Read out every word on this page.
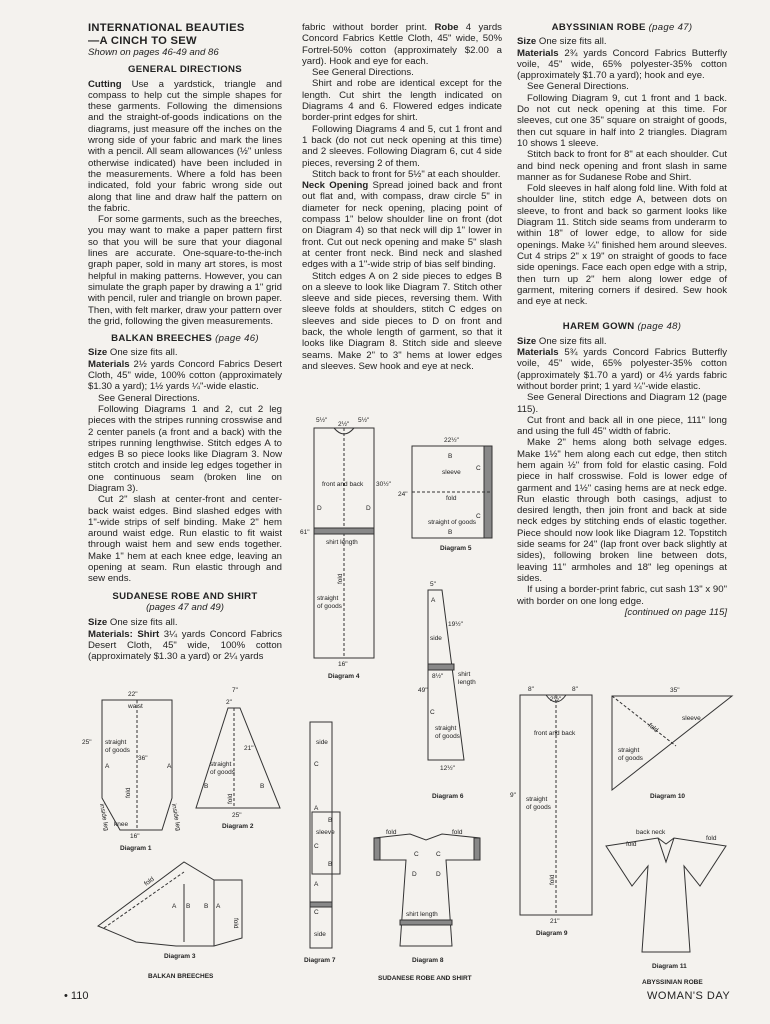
INTERNATIONAL BEAUTIES

—A CINCH TO SEW

Shown on pages 46-49 and 86

GENERAL DIRECTIONS

Cutting Use a yardstick, triangle and compass to help cut the simple shapes for these garments. Following the dimensions and the straight-of-goods indications on the diagrams, just measure off the inches on the wrong side of your fabric and mark the lines with a pencil. All seam allowances (½" unless otherwise indicated) have been included in the measurements. Where a fold has been indicated, fold your fabric wrong side out along that line and draw half the pattern on the fabric.

For some garments, such as the breeches, you may want to make a paper pattern first so that you will be sure that your diagonal lines are accurate. One-square-to-the-inch graph paper, sold in many art stores, is most helpful in making patterns. However, you can simulate the graph paper by drawing a 1" grid with pencil, ruler and triangle on brown paper. Then, with felt marker, draw your pattern over the grid, following the given measurements.

BALKAN BREECHES (page 46)

Size One size fits all.

Materials 2½ yards Concord Fabrics Desert Cloth, 45" wide, 100% cotton (approximately $1.30 a yard); 1½ yards ¼"-wide elastic.

See General Directions.

Following Diagrams 1 and 2, cut 2 leg pieces with the stripes running crosswise and 2 center panels (a front and a back) with the stripes running lengthwise. Stitch edges A to edges B so piece looks like Diagram 3. Now stitch crotch and inside leg edges together in one continuous seam (broken line on Diagram 3).

Cut 2" slash at center-front and center-back waist edges. Bind slashed edges with 1"-wide strips of self binding. Make 2" hem around waist edge. Run elastic to fit waist through waist hem and sew ends together. Make 1" hem at each knee edge, leaving an opening at seam. Run elastic through and sew ends.

SUDANESE ROBE AND SHIRT
(pages 47 and 49)

Size One size fits all.

Materials: Shirt 3¼ yards Concord Fabrics Desert Cloth, 45" wide, 100% cotton (approximately $1.30 a yard) or 2¼ yards

fabric without border print. Robe 4 yards Concord Fabrics Kettle Cloth, 45" wide, 50% Fortrel-50% cotton (approximately $2.00 a yard). Hook and eye for each.

See General Directions.

Shirt and robe are identical except for the length. Cut shirt the length indicated on Diagrams 4 and 6. Flowered edges indicate border-print edges for shirt.

Following Diagrams 4 and 5, cut 1 front and 1 back (do not cut neck opening at this time) and 2 sleeves. Following Diagram 6, cut 4 side pieces, reversing 2 of them.

Stitch back to front for 5½" at each shoulder.

Neck Opening Spread joined back and front out flat and, with compass, draw circle 5" in diameter for neck opening, placing point of compass 1" below shoulder line on front (dot on Diagram 4) so that neck will dip 1" lower in front. Cut out neck opening and make 5" slash at center front neck. Bind neck and slashed edges with a 1"-wide strip of bias self binding.

Stitch edges A on 2 side pieces to edges B on a sleeve to look like Diagram 7. Stitch other sleeve and side pieces, reversing them. With sleeve folds at shoulders, stitch C edges on sleeves and side pieces to D on front and back, the whole length of garment, so that it looks like Diagram 8. Stitch side and sleeve seams. Make 2" to 3" hems at lower edges and sleeves. Sew hook and eye at neck.

ABYSSINIAN ROBE (page 47)

Size One size fits all.

Materials 2¾ yards Concord Fabrics Butterfly voile, 45" wide, 65% polyester-35% cotton (approximately $1.70 a yard); hook and eye.

See General Directions.

Following Diagram 9, cut 1 front and 1 back. Do not cut neck opening at this time. For sleeves, cut one 35" square on straight of goods, then cut square in half into 2 triangles. Diagram 10 shows 1 sleeve.

Stitch back to front for 8" at each shoulder. Cut and bind neck opening and front slash in same manner as for Sudanese Robe and Shirt.

Fold sleeves in half along fold line. With fold at shoulder line, stitch edge A, between dots on sleeve, to front and back so garment looks like Diagram 11. Stitch side seams from underarm to within 18" of lower edge, to allow for side openings. Make ¼" finished hem around sleeves. Cut 4 strips 2" x 19" on straight of goods to face side openings. Face each open edge with a strip, then turn up 2" hem along lower edge of garment, mitering corners if desired. Sew hook and eye at neck.

HAREM GOWN (page 48)

Size One size fits all.

Materials 5¾ yards Concord Fabrics Butterfly voile, 45" wide, 65% polyester-35% cotton (approximately $1.70 a yard) or 4½ yards fabric without border print; 1 yard ¼"-wide elastic.

See General Directions and Diagram 12 (page 115).

Cut front and back all in one piece, 111" long and using the full 45" width of fabric.

Make 2" hems along both selvage edges. Make 1½" hem along each cut edge, then stitch hem again ½" from fold for elastic casing. Fold piece in half crosswise. Fold is lower edge of garment and 1½" casing hems are at neck edge. Run elastic through both casings, adjust to desired length, then join front and back at side neck edges by stitching ends of elastic together. Piece should now look like Diagram 12. Topstitch side seams for 24" (lap front over back slightly at sides), following broken line between dots, leaving 11" armholes and 18" leg openings at sides.

If using a border-print fabric, cut sash 13" x 90" with border on one long edge.

[continued on page 115]

22"
waist
25" straight
of goods
36"
A	A
fold
inside leg	inside leg
knee
16"
Diagram 1
7"
2"
21"
straight
of goods
B	B
fold
25"
Diagram 2
fold
A B B A
fold
Diagram 3
BALKAN BREECHES
5½"	5½"
2½"
front and back 30½"
D	D
61"
shirt length
fold
straight
of goods
16"
Diagram 4
22½"
B
sleeve
24"
fold
C
C
straight of goods
B
Diagram 5
5"
A
19½"
side
8½" shirt
length
49"
C
straight
of goods
12½"
Diagram 6
side
C
A
B
sleeve
C
B
A
C
side
Diagram 7
fold	fold
C	C
D	D
shirt length
Diagram 8
SUDANESE ROBE AND SHIRT
8"	8"
2½"
front and back
9"
straight
of goods
fold
21"
Diagram 9
35"
sleeve
fold
straight
of goods
Diagram 10
back neck
fold
fold
Diagram 11
ABYSSINIAN ROBE
• 110	WOMAN'S DAY
